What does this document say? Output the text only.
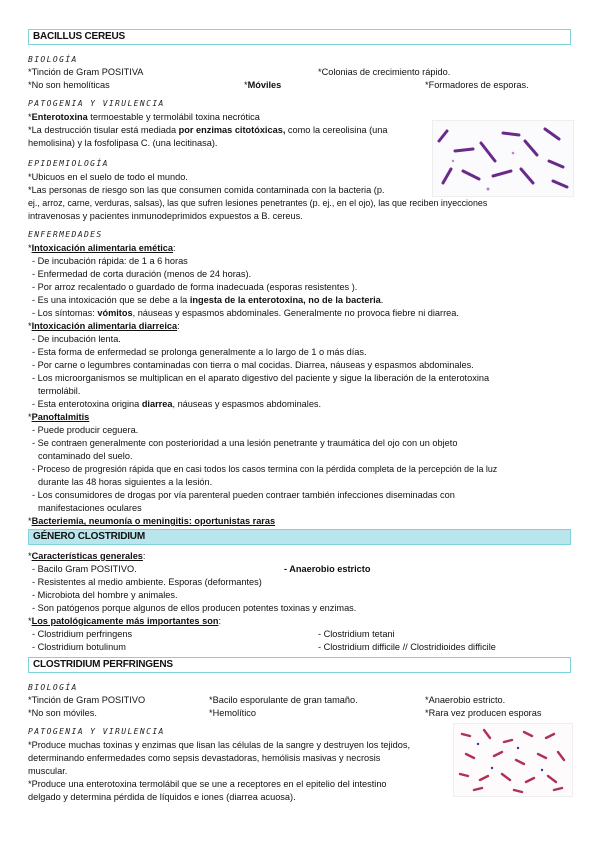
BACILLUS CEREUS
BIOLOGÍA
*Tinción de Gram POSITIVA	*Colonias de crecimiento rápido.
*No son hemolíticas	*Móviles	*Formadores de esporas.
PATOGENIA Y VIRULENCIA
*Enterotoxina termoestable y termolábil toxina necrótica
*La destrucción tisular está mediada por enzimas citotóxicas, como la cereolisina (una
hemolisina) y la fosfolipasa C. (una lecitinasa).
EPIDEMIOLOGÍA
*Ubicuos en el suelo de todo el mundo.
*Las personas de riesgo son las que consumen comida contaminada con la bacteria (p.
ej., arroz, carne, verduras, salsas), las que sufren lesiones penetrantes (p. ej., en el ojo), las que reciben inyecciones
intravenosas y pacientes inmunodeprimidos expuestos a B. cereus.
ENFERMEDADES
*Intoxicación alimentaria emética:
- De incubación rápida: de 1 a 6 horas
- Enfermedad de corta duración (menos de 24 horas).
- Por arroz recalentado o guardado de forma inadecuada (esporas resistentes ).
- Es una intoxicación que se debe a la ingesta de la enterotoxina, no de la bacteria.
- Los síntomas: vómitos, náuseas y espasmos abdominales. Generalmente no provoca fiebre ni diarrea.
*Intoxicación alimentaria diarreica:
- De incubación lenta.
- Esta forma de enfermedad se prolonga generalmente a lo largo de 1 o más días.
- Por carne o legumbres contaminadas con tierra o mal cocidas. Diarrea, náuseas y espasmos abdominales.
- Los microorganismos se multiplican en el aparato digestivo del paciente y sigue la liberación de la enterotoxina
termolábil.
- Esta enterotoxina origina diarrea, náuseas y espasmos abdominales.
*Panoftalmitis
- Puede producir ceguera.
- Se contraen generalmente con posterioridad a una lesión penetrante y traumática del ojo con un objeto
contaminado del suelo.
- Proceso de progresión rápida que en casi todos los casos termina con la pérdida completa de la percepción de la luz
durante las 48 horas siguientes a la lesión.
- Los consumidores de drogas por vía parenteral pueden contraer también infecciones diseminadas con
manifestaciones oculares
*Bacteriemia, neumonía o meningitis: oportunistas raras
GÉNERO CLOSTRIDIUM
*Características generales:
- Bacilo Gram POSITIVO.	- Anaerobio estricto
- Resistentes al medio ambiente. Esporas (deformantes)
- Microbiota del hombre y animales.
- Son patógenos porque algunos de ellos producen potentes toxinas y enzimas.
*Los patológicamente más importantes son:
- Clostridium perfringens	- Clostridium tetani
- Clostridium botulinum	- Clostridium difficile // Clostridioides difficile
CLOSTRIDIUM PERFRINGENS
BIOLOGÍA
*Tinción de Gram POSITIVO	*Bacilo esporulante de gran tamaño.	*Anaerobio estricto.
*No son móviles.	*Hemolítico	*Rara vez producen esporas
PATOGENIA Y VIRULENCIA
*Produce muchas toxinas y enzimas que lisan las células de la sangre y destruyen los tejidos,
determinando enfermedades como sepsis devastadoras, hemólisis masivas y necrosis
muscular.
*Produce una enterotoxina termolábil que se une a receptores en el epitelio del intestino
delgado y determina pérdida de líquidos e iones (diarrea acuosa).
